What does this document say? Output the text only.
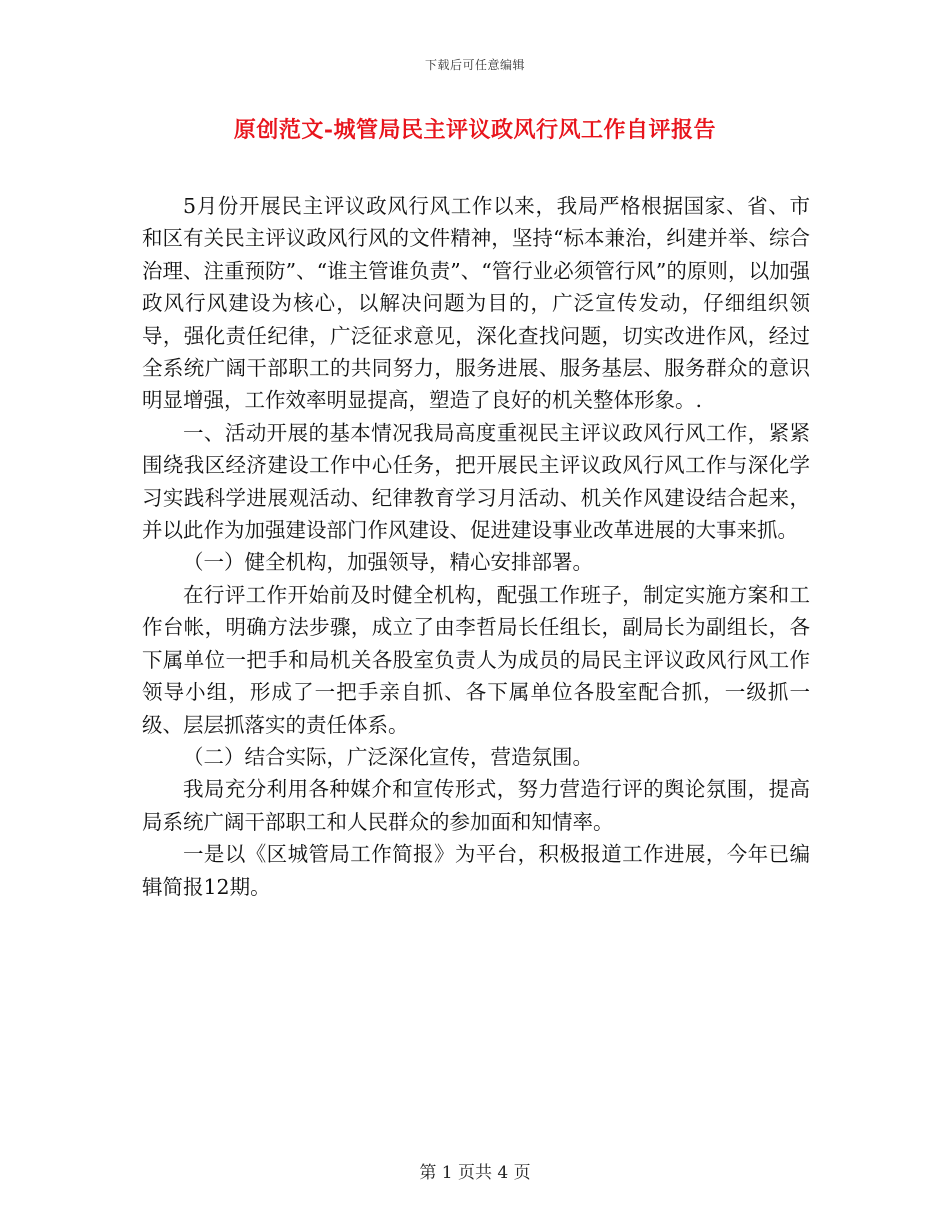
下载后可任意编辑
原创范文-城管局民主评议政风行风工作自评报告

5月份开展民主评议政风行风工作以来，我局严格根据国家、省、市和区有关民主评议政风行风的文件精神，坚持“标本兼治，纠建并举、综合治理、注重预防”、“谁主管谁负责”、“管行业必须管行风”的原则，以加强政风行风建设为核心，以解决问题为目的，广泛宣传发动，仔细组织领导，强化责任纪律，广泛征求意见，深化查找问题，切实改进作风，经过全系统广阔干部职工的共同努力，服务进展、服务基层、服务群众的意识明显增强，工作效率明显提高，塑造了良好的机关整体形象。.

一、活动开展的基本情况我局高度重视民主评议政风行风工作，紧紧围绕我区经济建设工作中心任务，把开展民主评议政风行风工作与深化学习实践科学进展观活动、纪律教育学习月活动、机关作风建设结合起来，并以此作为加强建设部门作风建设、促进建设事业改革进展的大事来抓。

（一）健全机构，加强领导，精心安排部署。

在行评工作开始前及时健全机构，配强工作班子，制定实施方案和工作台帐，明确方法步骤，成立了由李哲局长任组长，副局长为副组长，各下属单位一把手和局机关各股室负责人为成员的局民主评议政风行风工作领导小组，形成了一把手亲自抓、各下属单位各股室配合抓，一级抓一级、层层抓落实的责任体系。

（二）结合实际，广泛深化宣传，营造氛围。

我局充分利用各种媒介和宣传形式，努力营造行评的舆论氛围，提高局系统广阔干部职工和人民群众的参加面和知情率。

一是以《区城管局工作简报》为平台，积极报道工作进展，今年已编辑简报12期。

第 1 页共 4 页
